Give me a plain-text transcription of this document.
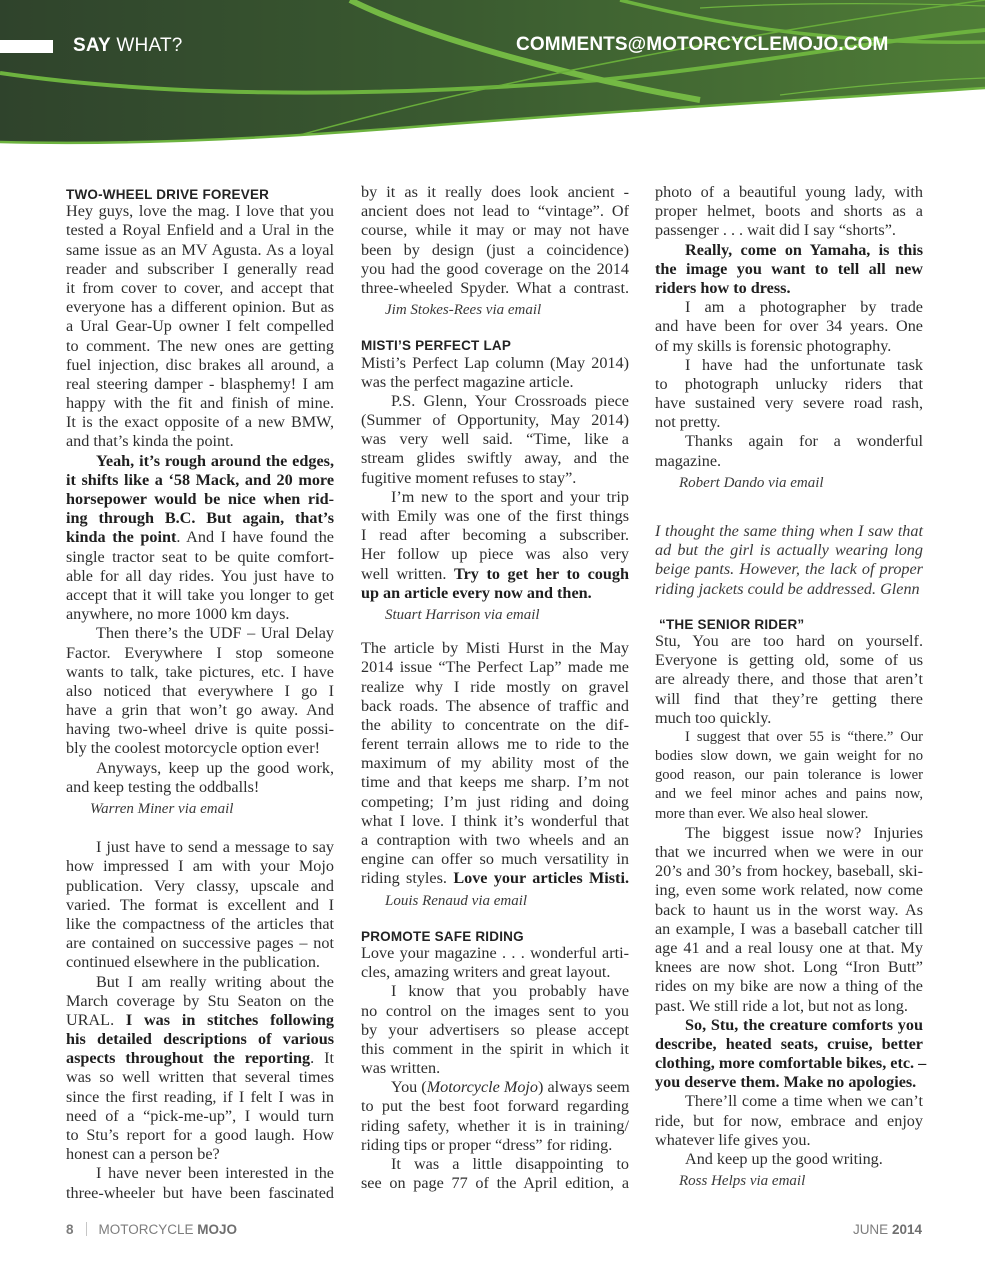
SAY WHAT?	COMMENTS@MOTORCYCLEMOJO.COM
TWO-WHEEL DRIVE FOREVER
Hey guys, love the mag. I love that you
tested a Royal Enfield and a Ural in the
same issue as an MV Agusta. As a loyal
reader and subscriber I generally read
it from cover to cover, and accept that
everyone has a different opinion. But as
a Ural Gear-Up owner I felt compelled
to comment. The new ones are getting
fuel injection, disc brakes all around, a
real steering damper - blasphemy! I am
happy with the fit and finish of mine.
It is the exact opposite of a new BMW,
and that’s kinda the point.
Yeah, it’s rough around the edges,
it shifts like a ‘58 Mack, and 20 more
horsepower would be nice when rid-
ing through B.C. But again, that’s
kinda the point. And I have found the
single tractor seat to be quite comfort-
able for all day rides. You just have to
accept that it will take you longer to get
anywhere, no more 1000 km days.
Then there’s the UDF – Ural Delay
Factor. Everywhere I stop someone
wants to talk, take pictures, etc. I have
also noticed that everywhere I go I
have a grin that won’t go away. And
having two-wheel drive is quite possi-
bly the coolest motorcycle option ever!
Anyways, keep up the good work,
and keep testing the oddballs!
Warren Miner via email
I just have to send a message to say
how impressed I am with your Mojo
publication. Very classy, upscale and
varied. The format is excellent and I
like the compactness of the articles that
are contained on successive pages – not
continued elsewhere in the publication.
But I am really writing about the
March coverage by Stu Seaton on the
URAL. I was in stitches following
his detailed descriptions of various
aspects throughout the reporting. It
was so well written that several times
since the first reading, if I felt I was in
need of a “pick-me-up”, I would turn
to Stu’s report for a good laugh. How
honest can a person be?
I have never been interested in the
three-wheeler but have been fascinated
by it as it really does look ancient -
ancient does not lead to “vintage”. Of
course, while it may or may not have
been by design (just a coincidence)
you had the good coverage on the 2014
three-wheeled Spyder. What a contrast.
Jim Stokes-Rees via email
MISTI’S PERFECT LAP
Misti’s Perfect Lap column (May 2014)
was the perfect magazine article.
P.S. Glenn, Your Crossroads piece
(Summer of Opportunity, May 2014)
was very well said. “Time, like a
stream glides swiftly away, and the
fugitive moment refuses to stay”.
I’m new to the sport and your trip
with Emily was one of the first things
I read after becoming a subscriber.
Her follow up piece was also very
well written. Try to get her to cough
up an article every now and then.
Stuart Harrison via email
The article by Misti Hurst in the May
2014 issue “The Perfect Lap” made me
realize why I ride mostly on gravel
back roads. The absence of traffic and
the ability to concentrate on the dif-
ferent terrain allows me to ride to the
maximum of my ability most of the
time and that keeps me sharp. I’m not
competing; I’m just riding and doing
what I love. I think it’s wonderful that
a contraption with two wheels and an
engine can offer so much versatility in
riding styles. Love your articles Misti.
Louis Renaud via email
PROMOTE SAFE RIDING
Love your magazine . . . wonderful arti-
cles, amazing writers and great layout.
I know that you probably have
no control on the images sent to you
by your advertisers so please accept
this comment in the spirit in which it
was written.
You (Motorcycle Mojo) always seem
to put the best foot forward regarding
riding safety, whether it is in training/
riding tips or proper “dress” for riding.
It was a little disappointing to
see on page 77 of the April edition, a
photo of a beautiful young lady, with
proper helmet, boots and shorts as a
passenger . . . wait did I say “shorts”.
Really, come on Yamaha, is this
the image you want to tell all new
riders how to dress.
I am a photographer by trade
and have been for over 34 years. One
of my skills is forensic photography.
I have had the unfortunate task
to photograph unlucky riders that
have sustained very severe road rash,
not pretty.
Thanks again for a wonderful
magazine.
Robert Dando via email
I thought the same thing when I saw that
ad but the girl is actually wearing long
beige pants. However, the lack of proper
riding jackets could be addressed. Glenn
“THE SENIOR RIDER”
Stu, You are too hard on yourself.
Everyone is getting old, some of us
are already there, and those that aren’t
will find that they’re getting there
much too quickly.
I suggest that over 55 is “there.” Our
bodies slow down, we gain weight for no
good reason, our pain tolerance is lower
and we feel minor aches and pains now,
more than ever. We also heal slower.
The biggest issue now? Injuries
that we incurred when we were in our
20’s and 30’s from hockey, baseball, ski-
ing, even some work related, now come
back to haunt us in the worst way. As
an example, I was a baseball catcher till
age 41 and a real lousy one at that. My
knees are now shot. Long “Iron Butt”
rides on my bike are now a thing of the
past. We still ride a lot, but not as long.
So, Stu, the creature comforts you
describe, heated seats, cruise, better
clothing, more comfortable bikes, etc. –
you deserve them. Make no apologies.
There’ll come a time when we can’t
ride, but for now, embrace and enjoy
whatever life gives you.
And keep up the good writing.
Ross Helps via email
8 MOTORCYCLE MOJO	JUNE 2014
